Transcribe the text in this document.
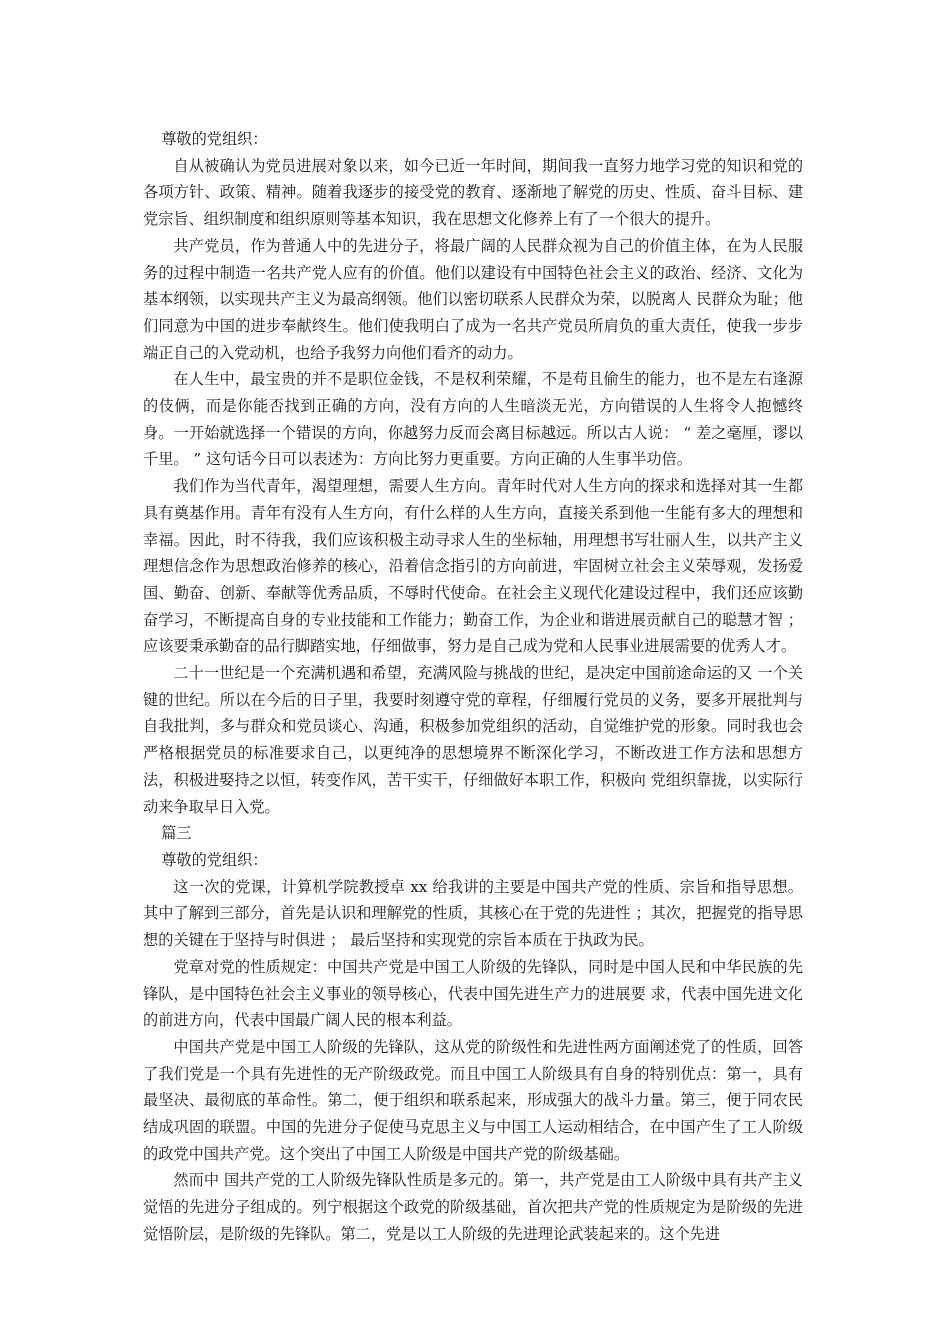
尊敬的党组织：

自从被确认为党员进展对象以来，如今已近一年时间，期间我一直努力地学习党的知识和党的各项方针、政策、精神。随着我逐步的接受党的教育、逐渐地了解党的历史、性质、奋斗目标、建党宗旨、组织制度和组织原则等基本知识，我在思想文化修养上有了一个很大的提升。

共产党员，作为普通人中的先进分子，将最广阔的人民群众视为自己的价值主体，在为人民服务的过程中制造一名共产党人应有的价值。他们以建设有中国特色社会主义的政治、经济、文化为基本纲领，以实现共产主义为最高纲领。他们以密切联系人民群众为荣，以脱离人 民群众为耻；他们同意为中国的进步奉献终生。他们使我明白了成为一名共产党员所肩负的重大责任，使我一步步端正自己的入党动机，也给予我努力向他们看齐的动力。

在人生中，最宝贵的并不是职位金钱，不是权利荣耀，不是苟且偷生的能力，也不是左右逢源的伎俩，而是你能否找到正确的方向，没有方向的人生暗淡无光，方向错误的人生将令人抱憾终身。一开始就选择一个错误的方向，你越努力反而会离目标越远。所以古人说： “ 差之毫厘，谬以千里。 ” 这句话今日可以表述为：方向比努力更重要。方向正确的人生事半功倍。

我们作为当代青年，渴望理想，需要人生方向。青年时代对人生方向的探求和选择对其一生都具有奠基作用。青年有没有人生方向，有什么样的人生方向，直接关系到他一生能有多大的理想和幸福。因此，时不待我，我们应该积极主动寻求人生的坐标轴，用理想书写壮丽人生，以共产主义理想信念作为思想政治修养的核心，沿着信念指引的方向前进，牢固树立社会主义荣辱观，发扬爱国、勤奋、创新、奉献等优秀品质，不辱时代使命。在社会主义现代化建设过程中，我们还应该勤奋学习，不断提高自身的专业技能和工作能力；勤奋工作，为企业和谐进展贡献自己的聪慧才智 ；应该要秉承勤奋的品行脚踏实地，仔细做事，努力是自己成为党和人民事业进展需要的优秀人才。

二十一世纪是一个充满机遇和希望，充满风险与挑战的世纪，是决定中国前途命运的又 一个关键的世纪。所以在今后的日子里，我要时刻遵守党的章程，仔细履行党员的义务，要多开展批判与自我批判，多与群众和党员谈心、沟通，积极参加党组织的活动，自觉维护党的形象。同时我也会严格根据党员的标准要求自己，以更纯净的思想境界不断深化学习，不断改进工作方法和思想方法，积极进娶持之以恒，转变作风，苦干实干，仔细做好本职工作，积极向 党组织靠拢，以实际行动来争取早日入党。

篇三

尊敬的党组织：

这一次的党课，计算机学院教授卓 xx 给我讲的主要是中国共产党的性质、宗旨和指导思想。其中了解到三部分，首先是认识和理解党的性质，其核心在于党的先进性 ；其次，把握党的指导思想的关键在于坚持与时俱进 ； 最后坚持和实现党的宗旨本质在于执政为民。

党章对党的性质规定：中国共产党是中国工人阶级的先锋队，同时是中国人民和中华民族的先锋队，是中国特色社会主义事业的领导核心，代表中国先进生产力的进展要 求，代表中国先进文化的前进方向，代表中国最广阔人民的根本利益。

中国共产党是中国工人阶级的先锋队，这从党的阶级性和先进性两方面阐述党了的性质，回答了我们党是一个具有先进性的无产阶级政党。而且中国工人阶级具有自身的特别优点：第一，具有最坚决、最彻底的革命性。第二，便于组织和联系起来，形成强大的战斗力量。第三，便于同农民结成巩固的联盟。中国的先进分子促使马克思主义与中国工人运动相结合，在中国产生了工人阶级的政党中国共产党。这个突出了中国工人阶级是中国共产党的阶级基础。

然而中 国共产党的工人阶级先锋队性质是多元的。第一，共产党是由工人阶级中具有共产主义觉悟的先进分子组成的。列宁根据这个政党的阶级基础，首次把共产党的性质规定为是阶级的先进觉悟阶层，是阶级的先锋队。第二，党是以工人阶级的先进理论武装起来的。这个先进
